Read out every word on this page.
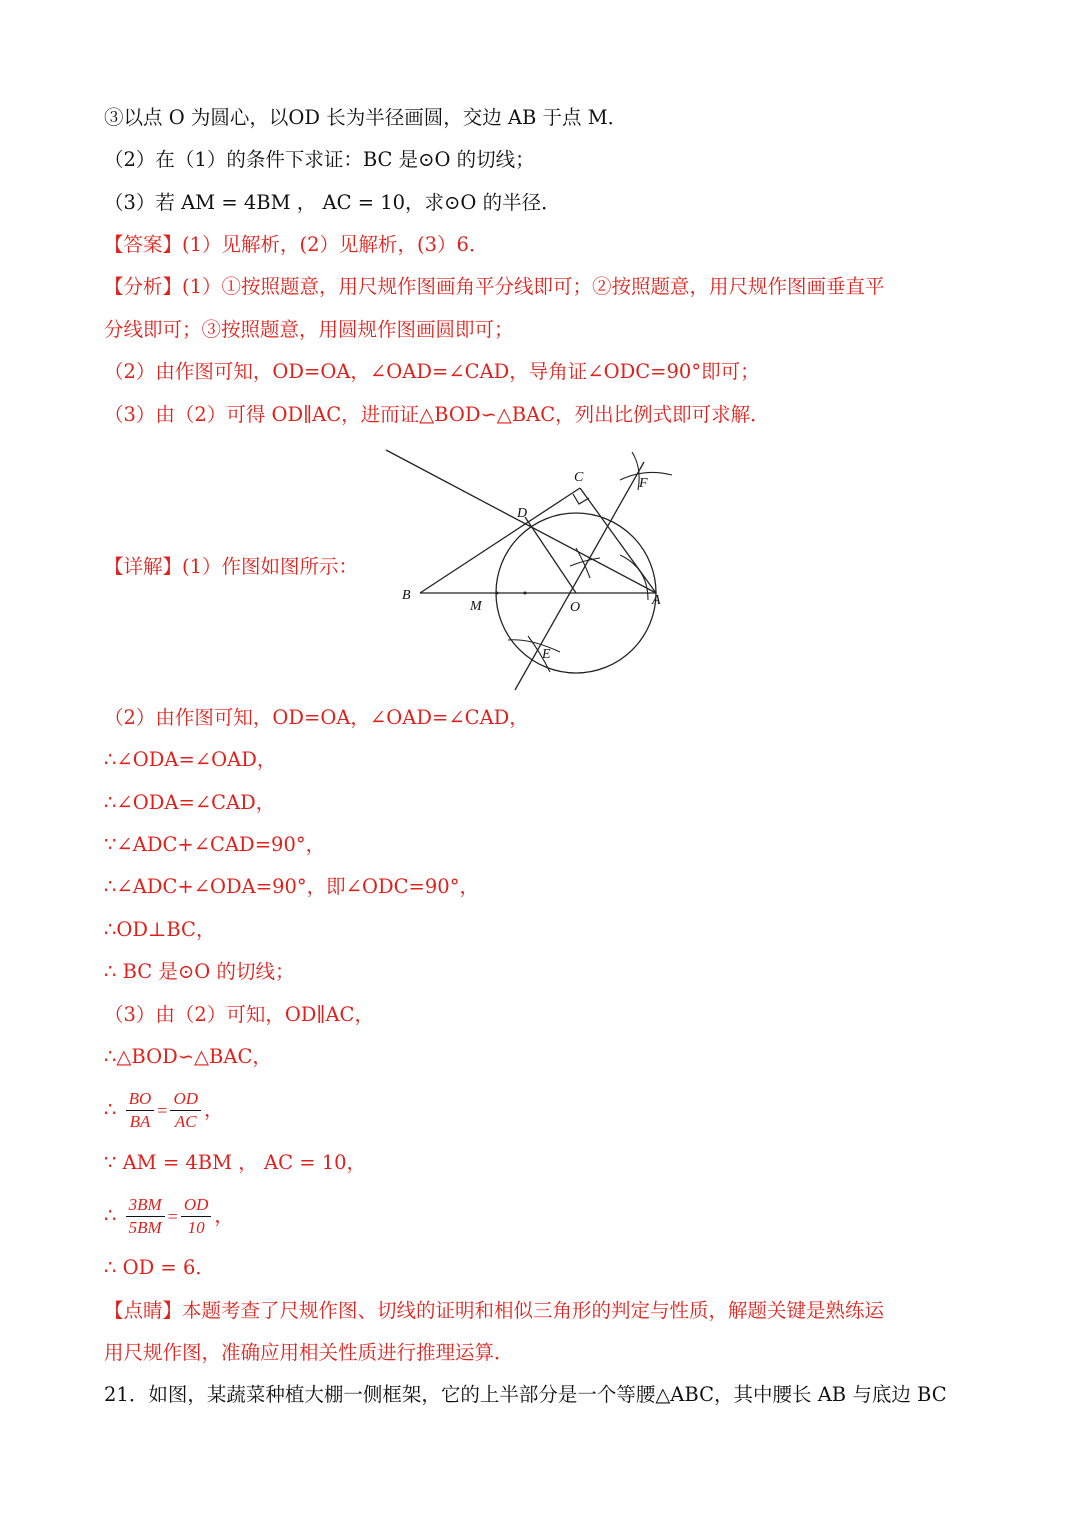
③以点 O 为圆心，以OD 长为半径画圆，交边 AB 于点 M．
（2）在（1）的条件下求证：BC 是⊙O 的切线；
（3）若 AM = 4BM ， AC = 10，求⊙O 的半径．
【答案】(1）见解析，(2）见解析，(3）6．
【分析】(1）①按照题意，用尺规作图画角平分线即可；②按照题意，用尺规作图画垂直平
分线即可；③按照题意，用圆规作图画圆即可；
（2）由作图可知，OD=OA，∠OAD=∠CAD，导角证∠ODC=90°即可；
（3）由（2）可得 OD∥AC，进而证△BOD∽△BAC，列出比例式即可求解．
【详解】(1）作图如图所示：
B
M	O	A
D
C	F
E
（2）由作图可知，OD=OA，∠OAD=∠CAD，
∴∠ODA=∠OAD，
∴∠ODA=∠CAD，
∵∠ADC+∠CAD=90°，
∴∠ADC+∠ODA=90°，即∠ODC=90°，
∴OD⊥BC，
∴ BC 是⊙O 的切线；
（3）由（2）可知，OD∥AC，
∴△BOD∽△BAC，
∴ $\frac{BO}{BA} = \frac{OD}{AC}$ ，
∵ AM = 4BM ， AC = 10，
∴ $\frac{3BM}{5BM} = \frac{OD}{10}$ ，
∴ OD = 6．
【点睛】本题考查了尺规作图、切线的证明和相似三角形的判定与性质，解题关键是熟练运
用尺规作图，准确应用相关性质进行推理运算．
21．如图，某蔬菜种植大棚一侧框架，它的上半部分是一个等腰△ABC，其中腰长 AB 与底边 BC
